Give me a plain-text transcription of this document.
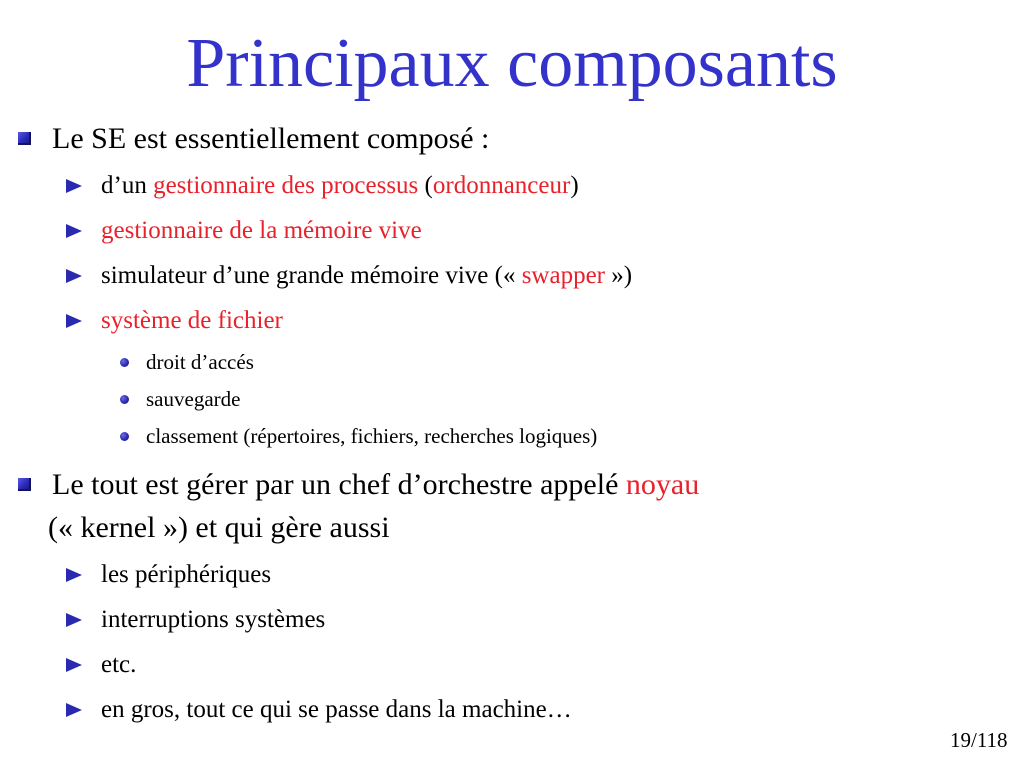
Principaux composants
Le SE est essentiellement composé :
d’un gestionnaire des processus (ordonnanceur)
gestionnaire de la mémoire vive
simulateur d’une grande mémoire vive (« swapper »)
système de fichier
droit d’accés
sauvegarde
classement (répertoires, fichiers, recherches logiques)
Le tout est gérer par un chef d’orchestre appelé noyau
(« kernel ») et qui gère aussi
les périphériques
interruptions systèmes
etc.
en gros, tout ce qui se passe dans la machine…
19/118
